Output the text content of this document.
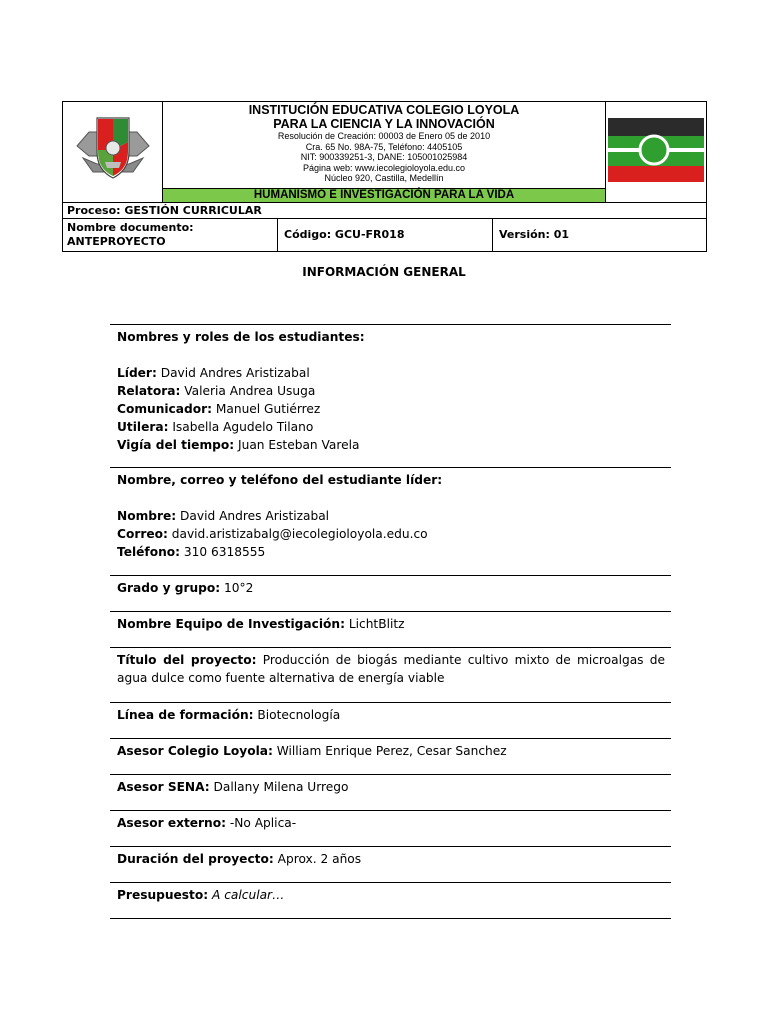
INSTITUCIÓN EDUCATIVA COLEGIO LOYOLA
PARA LA CIENCIA Y LA INNOVACIÓN
Resolución de Creación: 00003 de Enero 05 de 2010
Cra. 65 No. 98A-75, Teléfono: 4405105
NIT: 900339251-3, DANE: 105001025984
Página web: www.iecolegioloyola.edu.co
Núcleo 920, Castilla, Medellín
HUMANISMO E INVESTIGACIÓN PARA LA VIDA
Proceso: GESTIÓN CURRICULAR
Nombre documento:
ANTEPROYECTO
Código: GCU-FR018	Versión: 01
INFORMACIÓN GENERAL
Nombres y roles de los estudiantes:
Líder: David Andres Aristizabal
Relatora: Valeria Andrea Usuga
Comunicador: Manuel Gutiérrez
Utilera: Isabella Agudelo Tilano
Vigía del tiempo: Juan Esteban Varela
Nombre, correo y teléfono del estudiante líder:
Nombre: David Andres Aristizabal
Correo: david.aristizabalg@iecolegioloyola.edu.co
Teléfono: 310 6318555
Grado y grupo: 10°2
Nombre Equipo de Investigación: LichtBlitz
Título del proyecto: Producción de biogás mediante cultivo mixto de microalgas de agua dulce como fuente alternativa de energía viable
Línea de formación: Biotecnología
Asesor Colegio Loyola: William Enrique Perez, Cesar Sanchez
Asesor SENA: Dallany Milena Urrego
Asesor externo: -No Aplica-
Duración del proyecto: Aprox. 2 años
Presupuesto: A calcular…
